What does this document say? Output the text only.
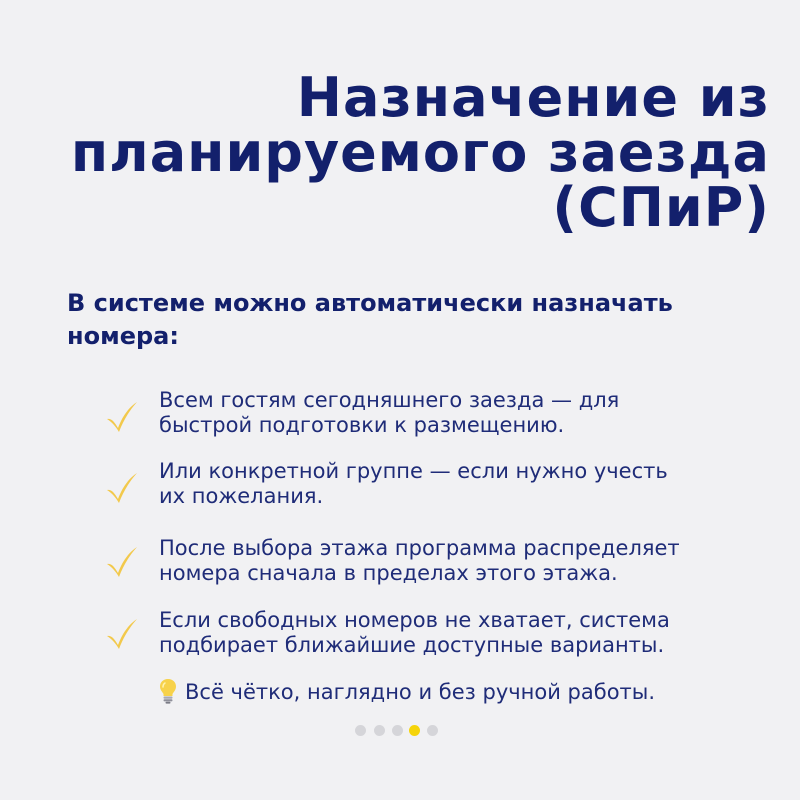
Назначение из
планируемого заезда
(СПиР)
В системе можно автоматически назначать
номера:
Всем гостям сегодняшнего заезда — для
быстрой подготовки к размещению.
Или конкретной группе — если нужно учесть
их пожелания.
После выбора этажа программа распределяет
номера сначала в пределах этого этажа.
Если свободных номеров не хватает, система
подбирает ближайшие доступные варианты.
Всё чётко, наглядно и без ручной работы.
